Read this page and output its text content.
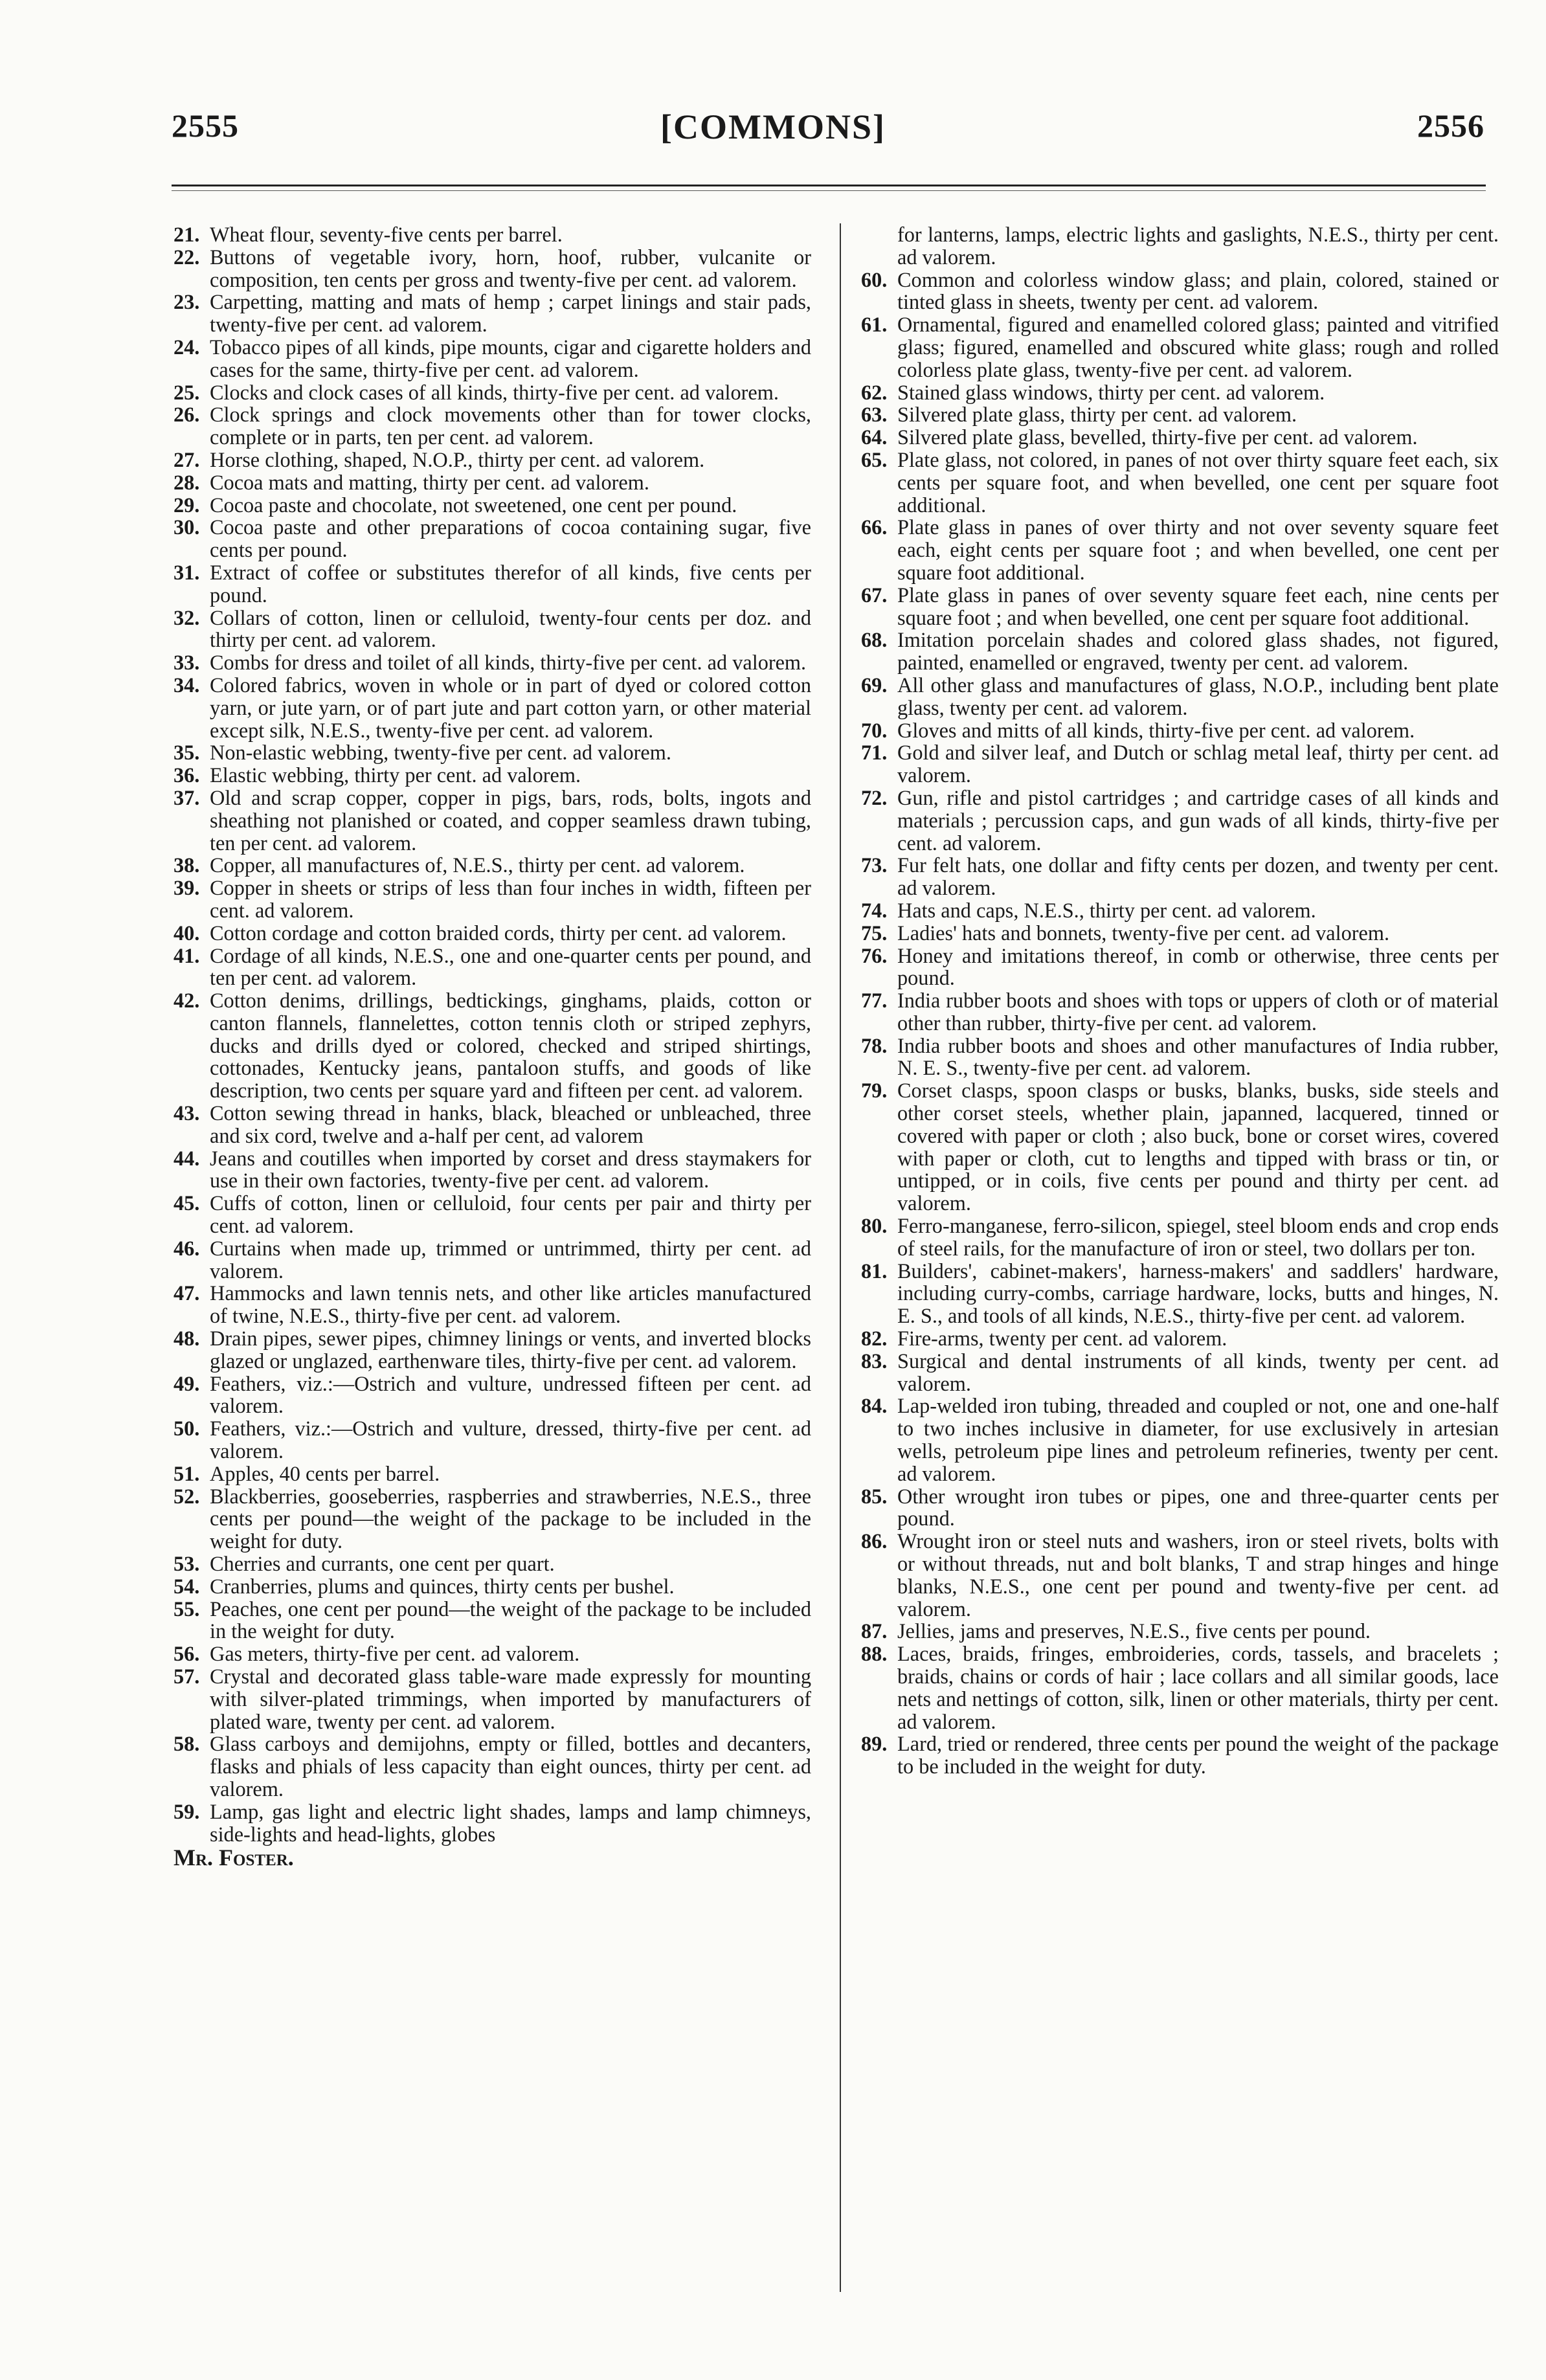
2555	[COMMONS]	2556
21. Wheat flour, seventy-five cents per barrel.
22. Buttons of vegetable ivory, horn, hoof, rubber, vulcanite or composition, ten cents per gross and twenty-five per cent. ad valorem.
23. Carpetting, matting and mats of hemp ; carpet linings and stair pads, twenty-five per cent. ad valorem.
24. Tobacco pipes of all kinds, pipe mounts, cigar and cigarette holders and cases for the same, thirty-five per cent. ad valorem.
25. Clocks and clock cases of all kinds, thirty-five per cent. ad valorem.
26. Clock springs and clock movements other than for tower clocks, complete or in parts, ten per cent. ad valorem.
27. Horse clothing, shaped, N.O.P., thirty per cent. ad valorem.
28. Cocoa mats and matting, thirty per cent. ad valorem.
29. Cocoa paste and chocolate, not sweetened, one cent per pound.
30. Cocoa paste and other preparations of cocoa containing sugar, five cents per pound.
31. Extract of coffee or substitutes therefor of all kinds, five cents per pound.
32. Collars of cotton, linen or celluloid, twenty-four cents per doz. and thirty per cent. ad valorem.
33. Combs for dress and toilet of all kinds, thirty-five per cent. ad valorem.
34. Colored fabrics, woven in whole or in part of dyed or colored cotton yarn, or jute yarn, or of part jute and part cotton yarn, or other material except silk, N.E.S., twenty-five per cent. ad valorem.
35. Non-elastic webbing, twenty-five per cent. ad valorem.
36. Elastic webbing, thirty per cent. ad valorem.
37. Old and scrap copper, copper in pigs, bars, rods, bolts, ingots and sheathing not planished or coated, and copper seamless drawn tubing, ten per cent. ad valorem.
38. Copper, all manufactures of, N.E.S., thirty per cent. ad valorem.
39. Copper in sheets or strips of less than four inches in width, fifteen per cent. ad valorem.
40. Cotton cordage and cotton braided cords, thirty per cent. ad valorem.
41. Cordage of all kinds, N.E.S., one and one-quarter cents per pound, and ten per cent. ad valorem.
42. Cotton denims, drillings, bedtickings, ginghams, plaids, cotton or canton flannels, flannelettes, cotton tennis cloth or striped zephyrs, ducks and drills dyed or colored, checked and striped shirtings, cottonades, Kentucky jeans, pantaloon stuffs, and goods of like description, two cents per square yard and fifteen per cent. ad valorem.
43. Cotton sewing thread in hanks, black, bleached or unbleached, three and six cord, twelve and a-half per cent, ad valorem
44. Jeans and coutilles when imported by corset and dress staymakers for use in their own factories, twenty-five per cent. ad valorem.
45. Cuffs of cotton, linen or celluloid, four cents per pair and thirty per cent. ad valorem.
46. Curtains when made up, trimmed or untrimmed, thirty per cent. ad valorem.
47. Hammocks and lawn tennis nets, and other like articles manufactured of twine, N.E.S., thirty-five per cent. ad valorem.
48. Drain pipes, sewer pipes, chimney linings or vents, and inverted blocks glazed or unglazed, earthenware tiles, thirty-five per cent. ad valorem.
49. Feathers, viz.:—Ostrich and vulture, undressed fifteen per cent. ad valorem.
50. Feathers, viz.:—Ostrich and vulture, dressed, thirty-five per cent. ad valorem.
51. Apples, 40 cents per barrel.
52. Blackberries, gooseberries, raspberries and strawberries, N.E.S., three cents per pound—the weight of the package to be included in the weight for duty.
53. Cherries and currants, one cent per quart.
54. Cranberries, plums and quinces, thirty cents per bushel.
55. Peaches, one cent per pound—the weight of the package to be included in the weight for duty.
56. Gas meters, thirty-five per cent. ad valorem.
57. Crystal and decorated glass table-ware made expressly for mounting with silver-plated trimmings, when imported by manufacturers of plated ware, twenty per cent. ad valorem.
58. Glass carboys and demijohns, empty or filled, bottles and decanters, flasks and phials of less capacity than eight ounces, thirty per cent. ad valorem.
59. Lamp, gas light and electric light shades, lamps and lamp chimneys, side-lights and head-lights, globes
Mr. Foster.
for lanterns, lamps, electric lights and gaslights, N.E.S., thirty per cent. ad valorem.
60. Common and colorless window glass; and plain, colored, stained or tinted glass in sheets, twenty per cent. ad valorem.
61. Ornamental, figured and enamelled colored glass; painted and vitrified glass; figured, enamelled and obscured white glass; rough and rolled colorless plate glass, twenty-five per cent. ad valorem.
62. Stained glass windows, thirty per cent. ad valorem.
63. Silvered plate glass, thirty per cent. ad valorem.
64. Silvered plate glass, bevelled, thirty-five per cent. ad valorem.
65. Plate glass, not colored, in panes of not over thirty square feet each, six cents per square foot, and when bevelled, one cent per square foot additional.
66. Plate glass in panes of over thirty and not over seventy square feet each, eight cents per square foot ; and when bevelled, one cent per square foot additional.
67. Plate glass in panes of over seventy square feet each, nine cents per square foot ; and when bevelled, one cent per square foot additional.
68. Imitation porcelain shades and colored glass shades, not figured, painted, enamelled or engraved, twenty per cent. ad valorem.
69. All other glass and manufactures of glass, N.O.P., including bent plate glass, twenty per cent. ad valorem.
70. Gloves and mitts of all kinds, thirty-five per cent. ad valorem.
71. Gold and silver leaf, and Dutch or schlag metal leaf, thirty per cent. ad valorem.
72. Gun, rifle and pistol cartridges ; and cartridge cases of all kinds and materials ; percussion caps, and gun wads of all kinds, thirty-five per cent. ad valorem.
73. Fur felt hats, one dollar and fifty cents per dozen, and twenty per cent. ad valorem.
74. Hats and caps, N.E.S., thirty per cent. ad valorem.
75. Ladies' hats and bonnets, twenty-five per cent. ad valorem.
76. Honey and imitations thereof, in comb or otherwise, three cents per pound.
77. India rubber boots and shoes with tops or uppers of cloth or of material other than rubber, thirty-five per cent. ad valorem.
78. India rubber boots and shoes and other manufactures of India rubber, N. E. S., twenty-five per cent. ad valorem.
79. Corset clasps, spoon clasps or busks, blanks, busks, side steels and other corset steels, whether plain, japanned, lacquered, tinned or covered with paper or cloth ; also buck, bone or corset wires, covered with paper or cloth, cut to lengths and tipped with brass or tin, or untipped, or in coils, five cents per pound and thirty per cent. ad valorem.
80. Ferro-manganese, ferro-silicon, spiegel, steel bloom ends and crop ends of steel rails, for the manufacture of iron or steel, two dollars per ton.
81. Builders', cabinet-makers', harness-makers' and saddlers' hardware, including curry-combs, carriage hardware, locks, butts and hinges, N. E. S., and tools of all kinds, N.E.S., thirty-five per cent. ad valorem.
82. Fire-arms, twenty per cent. ad valorem.
83. Surgical and dental instruments of all kinds, twenty per cent. ad valorem.
84. Lap-welded iron tubing, threaded and coupled or not, one and one-half to two inches inclusive in diameter, for use exclusively in artesian wells, petroleum pipe lines and petroleum refineries, twenty per cent. ad valorem.
85. Other wrought iron tubes or pipes, one and three-quarter cents per pound.
86. Wrought iron or steel nuts and washers, iron or steel rivets, bolts with or without threads, nut and bolt blanks, T and strap hinges and hinge blanks, N.E.S., one cent per pound and twenty-five per cent. ad valorem.
87. Jellies, jams and preserves, N.E.S., five cents per pound.
88. Laces, braids, fringes, embroideries, cords, tassels, and bracelets ; braids, chains or cords of hair ; lace collars and all similar goods, lace nets and nettings of cotton, silk, linen or other materials, thirty per cent. ad valorem.
89. Lard, tried or rendered, three cents per pound the weight of the package to be included in the weight for duty.
